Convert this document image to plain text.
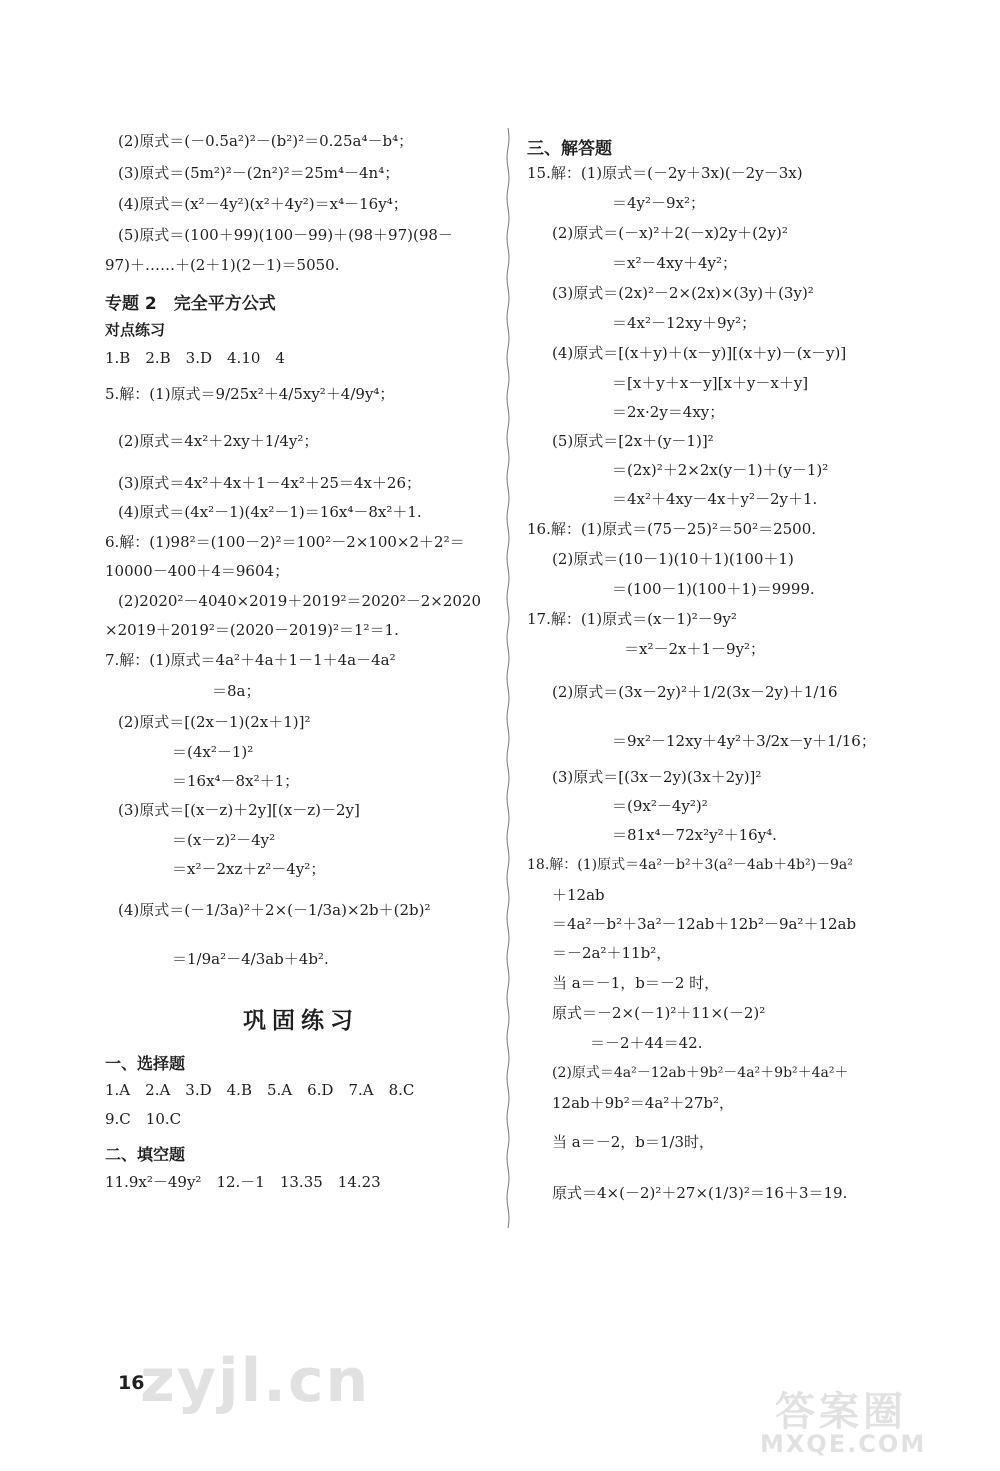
(2)原式＝(－0.5a²)²－(b²)²＝0.25a⁴－b⁴；
(3)原式＝(5m²)²－(2n²)²＝25m⁴－4n⁴；
(4)原式＝(x²－4y²)(x²＋4y²)＝x⁴－16y⁴；
(5)原式＝(100＋99)(100－99)＋(98＋97)(98－
97)＋……＋(2＋1)(2－1)＝5050.
专题 2　完全平方公式
对点练习
1.B　2.B　3.D　4.10　4
5.解：(1)原式＝9/25x²＋4/5xy²＋4/9y⁴；
(2)原式＝4x²＋2xy＋1/4y²；
(3)原式＝4x²＋4x＋1－4x²＋25＝4x＋26；
(4)原式＝(4x²－1)(4x²－1)＝16x⁴－8x²＋1.
6.解：(1)98²＝(100－2)²＝100²－2×100×2＋2²＝
10000－400＋4＝9604；
(2)2020²－4040×2019＋2019²＝2020²－2×2020
×2019＋2019²＝(2020－2019)²＝1²＝1.
7.解：(1)原式＝4a²＋4a＋1－1＋4a－4a²
＝8a；
(2)原式＝[(2x－1)(2x＋1)]²
＝(4x²－1)²
＝16x⁴－8x²＋1；
(3)原式＝[(x－z)＋2y][(x－z)－2y]
＝(x－z)²－4y²
＝x²－2xz＋z²－4y²；
(4)原式＝(－1/3a)²＋2×(－1/3a)×2b＋(2b)²
＝1/9a²－4/3ab＋4b².
巩固练习
一、选择题
1.A　2.A　3.D　4.B　5.A　6.D　7.A　8.C
9.C　10.C
二、填空题
11.9x²－49y²　12.－1　13.35　14.23
三、解答题
15.解：(1)原式＝(－2y＋3x)(－2y－3x)
＝4y²－9x²；
(2)原式＝(－x)²＋2(－x)2y＋(2y)²
＝x²－4xy＋4y²；
(3)原式＝(2x)²－2×(2x)×(3y)＋(3y)²
＝4x²－12xy＋9y²；
(4)原式＝[(x＋y)＋(x－y)][(x＋y)－(x－y)]
＝[x＋y＋x－y][x＋y－x＋y]
＝2x·2y＝4xy；
(5)原式＝[2x＋(y－1)]²
＝(2x)²＋2×2x(y－1)＋(y－1)²
＝4x²＋4xy－4x＋y²－2y＋1.
16.解：(1)原式＝(75－25)²＝50²＝2500.
(2)原式＝(10－1)(10＋1)(100＋1)
＝(100－1)(100＋1)＝9999.
17.解：(1)原式＝(x－1)²－9y²
＝x²－2x＋1－9y²；
(2)原式＝(3x－2y)²＋1/2(3x－2y)＋1/16
＝9x²－12xy＋4y²＋3/2x－y＋1/16；
(3)原式＝[(3x－2y)(3x＋2y)]²
＝(9x²－4y²)²
＝81x⁴－72x²y²＋16y⁴.
18.解：(1)原式＝4a²－b²＋3(a²－4ab＋4b²)－9a²
＋12ab
＝4a²－b²＋3a²－12ab＋12b²－9a²＋12ab
＝－2a²＋11b²，
当 a＝－1，b＝－2 时，
原式＝－2×(－1)²＋11×(－2)²
＝－2＋44＝42.
(2)原式＝4a²－12ab＋9b²－4a²＋9b²＋4a²＋
12ab＋9b²＝4a²＋27b²，
当 a＝－2，b＝1/3时，
原式＝4×(－2)²＋27×(1/3)²＝16＋3＝19.
16
zyjl.cn	答案圈
MXQE.COM
